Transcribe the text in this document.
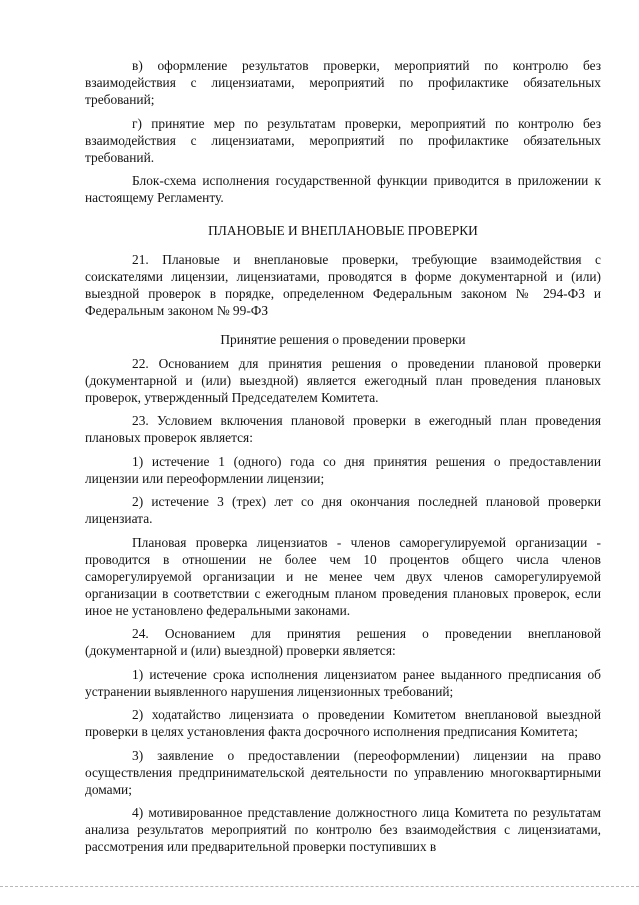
в) оформление результатов проверки, мероприятий по контролю без взаимодействия с лицензиатами, мероприятий по профилактике обязательных требований;

г) принятие мер по результатам проверки, мероприятий по контролю без взаимодействия с лицензиатами, мероприятий по профилактике обязательных требований.

Блок-схема исполнения государственной функции приводится в приложении к настоящему Регламенту.

ПЛАНОВЫЕ И ВНЕПЛАНОВЫЕ ПРОВЕРКИ

21. Плановые и внеплановые проверки, требующие взаимодействия с соискателями лицензии, лицензиатами, проводятся в форме документарной и (или) выездной проверок в порядке, определенном Федеральным законом № 294-ФЗ и Федеральным законом № 99-ФЗ

Принятие решения о проведении проверки

22. Основанием для принятия решения о проведении плановой проверки (документарной и (или) выездной) является ежегодный план проведения плановых проверок, утвержденный Председателем Комитета.

23. Условием включения плановой проверки в ежегодный план проведения плановых проверок является:

1) истечение 1 (одного) года со дня принятия решения о предоставлении лицензии или переоформлении лицензии;

2) истечение 3 (трех) лет со дня окончания последней плановой проверки лицензиата.

Плановая проверка лицензиатов - членов саморегулируемой организации - проводится в отношении не более чем 10 процентов общего числа членов саморегулируемой организации и не менее чем двух членов саморегулируемой организации в соответствии с ежегодным планом проведения плановых проверок, если иное не установлено федеральными законами.

24. Основанием для принятия решения о проведении внеплановой (документарной и (или) выездной) проверки является:

1) истечение срока исполнения лицензиатом ранее выданного предписания об устранении выявленного нарушения лицензионных требований;

2) ходатайство лицензиата о проведении Комитетом внеплановой выездной проверки в целях установления факта досрочного исполнения предписания Комитета;

3) заявление о предоставлении (переоформлении) лицензии на право осуществления предпринимательской деятельности по управлению многоквартирными домами;

4) мотивированное представление должностного лица Комитета по результатам анализа результатов мероприятий по контролю без взаимодействия с лицензиатами, рассмотрения или предварительной проверки поступивших в
